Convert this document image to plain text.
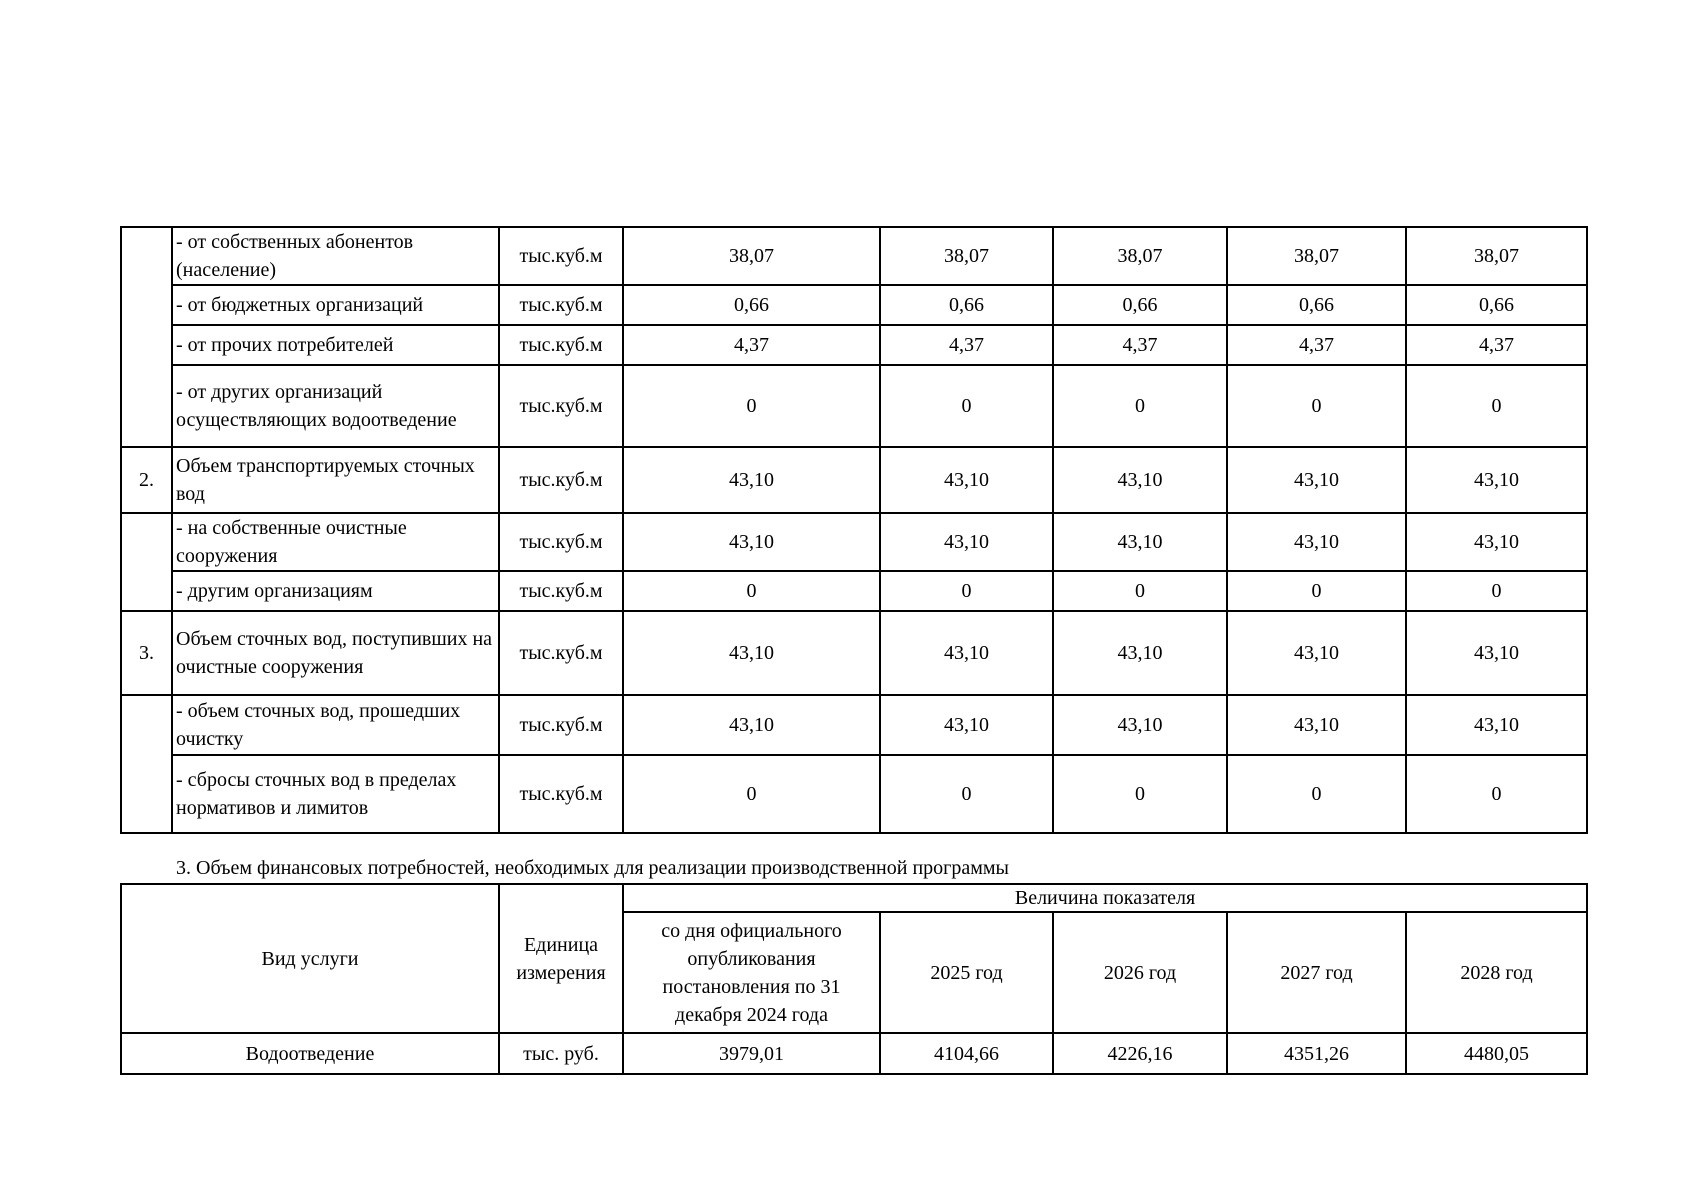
	- от собственных абонентов (население)	тыс.куб.м	38,07	38,07	38,07	38,07	38,07
	- от бюджетных организаций	тыс.куб.м	0,66	0,66	0,66	0,66	0,66
	- от прочих потребителей	тыс.куб.м	4,37	4,37	4,37	4,37	4,37
	- от других организаций осуществляющих водоотведение	тыс.куб.м	0	0	0	0	0
2.	Объем транспортируемых сточных вод	тыс.куб.м	43,10	43,10	43,10	43,10	43,10
	- на собственные очистные сооружения	тыс.куб.м	43,10	43,10	43,10	43,10	43,10
	- другим организациям	тыс.куб.м	0	0	0	0	0
3.	Объем сточных вод, поступивших на очистные сооружения	тыс.куб.м	43,10	43,10	43,10	43,10	43,10
	- объем сточных вод, прошедших очистку	тыс.куб.м	43,10	43,10	43,10	43,10	43,10
	- сбросы сточных вод в пределах нормативов и лимитов	тыс.куб.м	0	0	0	0	0
3. Объем финансовых потребностей, необходимых для реализации производственной программы
Вид услуги	Единица измерения	Величина показателя				
		со дня официального опубликования постановления по 31 декабря 2024 года	2025 год	2026 год	2027 год	2028 год
Водоотведение	тыс. руб.	3979,01	4104,66	4226,16	4351,26	4480,05
